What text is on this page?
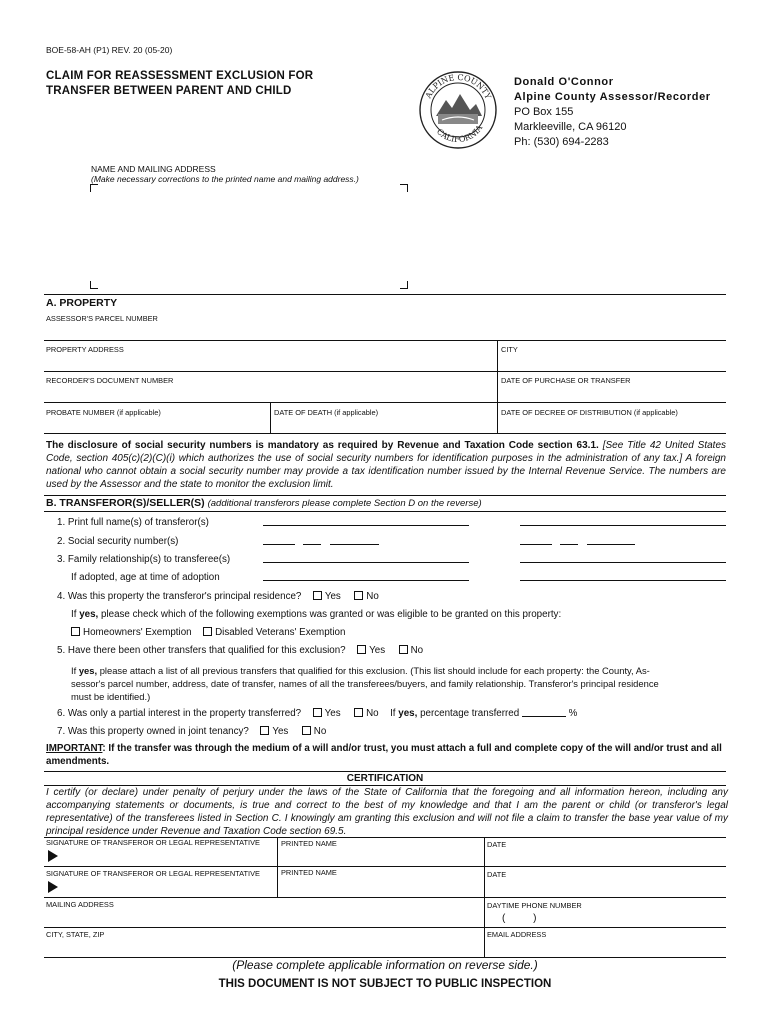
BOE-58-AH (P1) REV. 20 (05-20)
CLAIM FOR REASSESSMENT EXCLUSION FOR
TRANSFER BETWEEN PARENT AND CHILD	ALPINE COUNTY
CALIFORNIA
Donald O'Connor
Alpine County Assessor/Recorder
PO Box 155
Markleeville, CA 96120
Ph: (530) 694-2283
NAME AND MAILING ADDRESS
(Make necessary corrections to the printed name and mailing address.)
A. PROPERTY
ASSESSOR'S PARCEL NUMBER
PROPERTY ADDRESS	CITY
RECORDER'S DOCUMENT NUMBER	DATE OF PURCHASE OR TRANSFER
PROBATE NUMBER (if applicable)	DATE OF DEATH (if applicable)	DATE OF DECREE OF DISTRIBUTION (if applicable)
The disclosure of social security numbers is mandatory as required by Revenue and Taxation Code section 63.1. [See Title 42 United States Code, section 405(c)(2)(C)(i) which authorizes the use of social security numbers for identification purposes in the administration of any tax.] A foreign national who cannot obtain a social security number may provide a tax identification number issued by the Internal Revenue Service. The numbers are used by the Assessor and the state to monitor the exclusion limit.
B. TRANSFEROR(S)/SELLER(S) (additional transferors please complete Section D on the reverse)
1. Print full name(s) of transferor(s)
2. Social security number(s)
3. Family relationship(s) to transferee(s)
If adopted, age at time of adoption
4. Was this property the transferor's principal residence? Yes	No
If yes, please check which of the following exemptions was granted or was eligible to be granted on this property:
Homeowners' Exemption Disabled Veterans' Exemption
5. Have there been other transfers that qualified for this exclusion? Yes	No
If yes, please attach a list of all previous transfers that qualified for this exclusion. (This list should include for each property: the County, As-
sessor's parcel number, address, date of transfer, names of all the transferees/buyers, and family relationship. Transferor's principal residence
must be identified.)
6. Was only a partial interest in the property transferred? Yes	No If yes, percentage transferred	%
7. Was this property owned in joint tenancy? Yes	No
IMPORTANT: If the transfer was through the medium of a will and/or trust, you must attach a full and complete copy of the will and/or trust and all amendments.
CERTIFICATION
I certify (or declare) under penalty of perjury under the laws of the State of California that the foregoing and all information hereon, including any accompanying statements or documents, is true and correct to the best of my knowledge and that I am the parent or child (or transferor's legal representative) of the transferees listed in Section C. I knowingly am granting this exclusion and will not file a claim to transfer the base year value of my principal residence under Revenue and Taxation Code section 69.5.
SIGNATURE OF TRANSFEROR OR LEGAL REPRESENTATIVE	PRINTED NAME	DATE
SIGNATURE OF TRANSFEROR OR LEGAL REPRESENTATIVE	PRINTED NAME	DATE
MAILING ADDRESS	DAYTIME PHONE NUMBER
(          )
CITY, STATE, ZIP	EMAIL ADDRESS
(Please complete applicable information on reverse side.)
THIS DOCUMENT IS NOT SUBJECT TO PUBLIC INSPECTION
